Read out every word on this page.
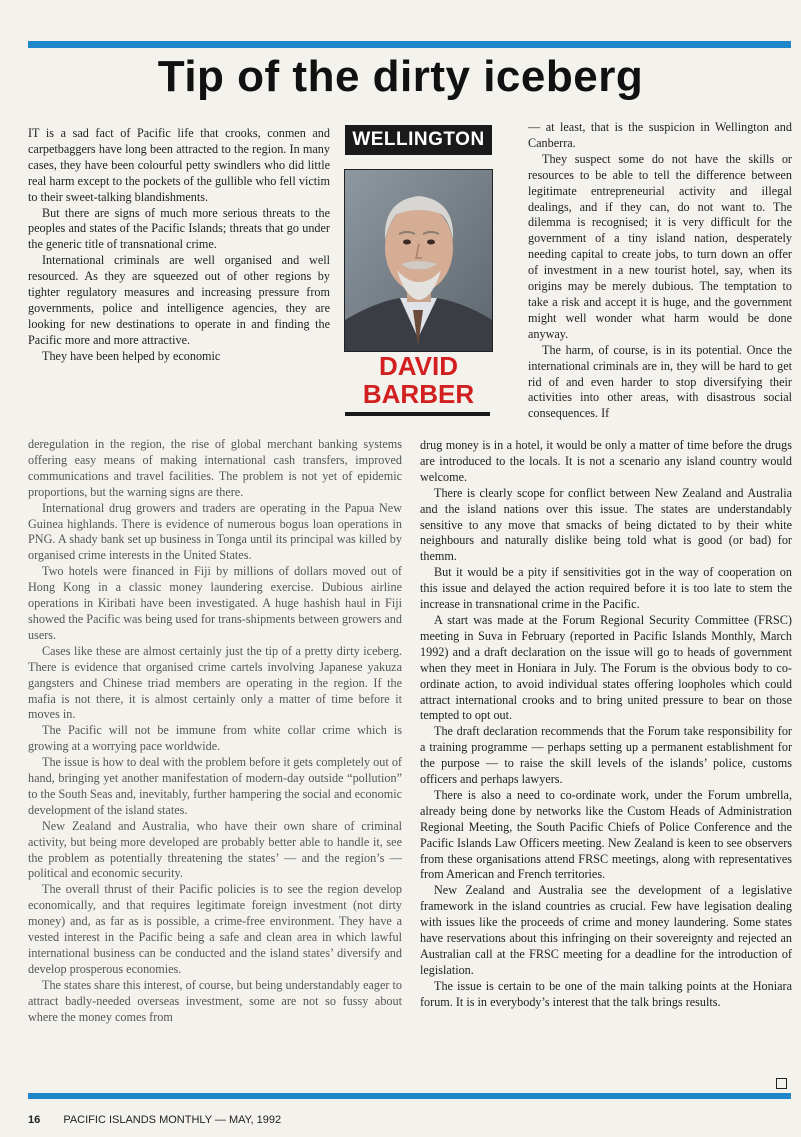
Tip of the dirty iceberg

IT is a sad fact of Pacific life that crooks, conmen and carpetbaggers have long been attracted to the region. In many cases, they have been colourful petty swindlers who did little real harm except to the pockets of the gullible who fell victim to their sweet-talking blandishments.

But there are signs of much more serious threats to the peoples and states of the Pacific Islands; threats that go under the generic title of transnational crime.

International criminals are well organised and well resourced. As they are squeezed out of other regions by tighter regulatory measures and increasing pressure from governments, police and intelligence agencies, they are looking for new destinations to operate in and finding the Pacific more and more attractive.

They have been helped by economic

WELLINGTON
DAVID
BARBER

— at least, that is the suspicion in Wellington and Canberra.

They suspect some do not have the skills or resources to be able to tell the difference between legitimate entrepreneurial activity and illegal dealings, and if they can, do not want to. The dilemma is recognised; it is very difficult for the government of a tiny island nation, desperately needing capital to create jobs, to turn down an offer of investment in a new tourist hotel, say, when its origins may be merely dubious. The temptation to take a risk and accept it is huge, and the government might well wonder what harm would be done anyway.

The harm, of course, is in its potential. Once the international criminals are in, they will be hard to get rid of and even harder to stop diversifying their activities into other areas, with disastrous social consequences. If

deregulation in the region, the rise of global merchant banking systems offering easy means of making international cash transfers, improved communications and travel facilities. The problem is not yet of epidemic proportions, but the warning signs are there.

International drug growers and traders are operating in the Papua New Guinea highlands. There is evidence of numerous bogus loan operations in PNG. A shady bank set up business in Tonga until its principal was killed by organised crime interests in the United States.

Two hotels were financed in Fiji by millions of dollars moved out of Hong Kong in a classic money laundering exercise. Dubious airline operations in Kiribati have been investigated. A huge hashish haul in Fiji showed the Pacific was being used for trans-shipments between growers and users.

Cases like these are almost certainly just the tip of a pretty dirty iceberg. There is evidence that organised crime cartels involving Japanese yakuza gangsters and Chinese triad members are operating in the region. If the mafia is not there, it is almost certainly only a matter of time before it moves in.

The Pacific will not be immune from white collar crime which is growing at a worrying pace worldwide.

The issue is how to deal with the problem before it gets completely out of hand, bringing yet another manifestation of modern-day outside “pollution” to the South Seas and, inevitably, further hampering the social and economic development of the island states.

New Zealand and Australia, who have their own share of criminal activity, but being more developed are probably better able to handle it, see the problem as potentially threatening the states’ — and the region’s — political and economic security.

The overall thrust of their Pacific policies is to see the region develop economically, and that requires legitimate foreign investment (not dirty money) and, as far as is possible, a crime-free environment. They have a vested interest in the Pacific being a safe and clean area in which lawful international business can be conducted and the island states’ diversify and develop prosperous economies.

The states share this interest, of course, but being understandably eager to attract badly-needed overseas investment, some are not so fussy about where the money comes from

drug money is in a hotel, it would be only a matter of time before the drugs are introduced to the locals. It is not a scenario any island country would welcome.

There is clearly scope for conflict between New Zealand and Australia and the island nations over this issue. The states are understandably sensitive to any move that smacks of being dictated to by their white neighbours and naturally dislike being told what is good (or bad) for themm.

But it would be a pity if sensitivities got in the way of cooperation on this issue and delayed the action required before it is too late to stem the increase in transnational crime in the Pacific.

A start was made at the Forum Regional Security Committee (FRSC) meeting in Suva in February (reported in Pacific Islands Monthly, March 1992) and a draft declaration on the issue will go to heads of government when they meet in Honiara in July. The Forum is the obvious body to co-ordinate action, to avoid individual states offering loopholes which could attract international crooks and to bring united pressure to bear on those tempted to opt out.

The draft declaration recommends that the Forum take responsibility for a training programme — perhaps setting up a permanent establishment for the purpose — to raise the skill levels of the islands’ police, customs officers and perhaps lawyers.

There is also a need to co-ordinate work, under the Forum umbrella, already being done by networks like the Custom Heads of Administration Regional Meeting, the South Pacific Chiefs of Police Conference and the Pacific Islands Law Officers meeting. New Zealand is keen to see observers from these organisations attend FRSC meetings, along with representatives from American and French territories.

New Zealand and Australia see the development of a legislative framework in the island countries as crucial. Few have legisation dealing with issues like the proceeds of crime and money laundering. Some states have reservations about this infringing on their sovereignty and rejected an Australian call at the FRSC meeting for a deadline for the introduction of legislation.

The issue is certain to be one of the main talking points at the Honiara forum. It is in everybody’s interest that the talk brings results.

16 PACIFIC ISLANDS MONTHLY — MAY, 1992
